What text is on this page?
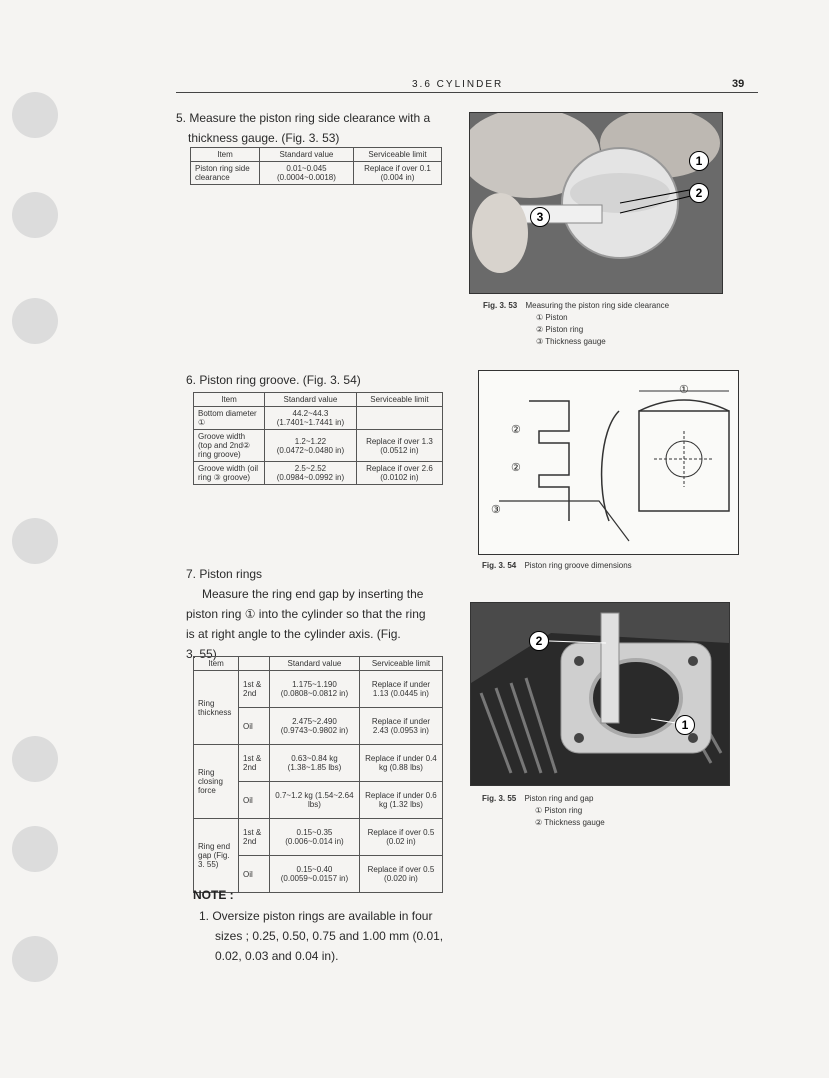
3.6 CYLINDER	39
5. Measure the piston ring side clearance with a
thickness gauge. (Fig. 3. 53)
Item	Standard value	Serviceable limit
Piston ring side clearance	0.01~0.045 (0.0004~0.0018)	Replace if over 0.1 (0.004 in)
1
2
3
Fig. 3. 53 Measuring the piston ring side clearance
① Piston
② Piston ring
③ Thickness gauge
6. Piston ring groove. (Fig. 3. 54)
Item	Standard value	Serviceable limit
Bottom diameter ①	44.2~44.3 (1.7401~1.7441 in)	
Groove width (top and 2nd② ring groove)	1.2~1.22 (0.0472~0.0480 in)	Replace if over 1.3 (0.0512 in)
Groove width (oil ring ③ groove)	2.5~2.52 (0.0984~0.0992 in)	Replace if over 2.6 (0.0102 in)
①
②
②
③
Fig. 3. 54 Piston ring groove dimensions
7. Piston rings
Measure the ring end gap by inserting the
piston ring ① into the cylinder so that the ring
is at right angle to the cylinder axis. (Fig.
3. 55)
Item		Standard value	Serviceable limit
Ring thickness	1st & 2nd	1.175~1.190 (0.0808~0.0812 in)	Replace if under 1.13 (0.0445 in)
	Oil	2.475~2.490 (0.9743~0.9802 in)	Replace if under 2.43 (0.0953 in)
Ring closing force	1st & 2nd	0.63~0.84 kg (1.38~1.85 lbs)	Replace if under 0.4 kg (0.88 lbs)
	Oil	0.7~1.2 kg (1.54~2.64 lbs)	Replace if under 0.6 kg (1.32 lbs)
Ring end gap (Fig. 3. 55)	1st & 2nd	0.15~0.35 (0.006~0.014 in)	Replace if over 0.5 (0.02 in)
	Oil	0.15~0.40 (0.0059~0.0157 in)	Replace if over 0.5 (0.020 in)
2
1
Fig. 3. 55 Piston ring and gap
① Piston ring
② Thickness gauge
NOTE :
1. Oversize piston rings are available in four
sizes ; 0.25, 0.50, 0.75 and 1.00 mm (0.01,
0.02, 0.03 and 0.04 in).
